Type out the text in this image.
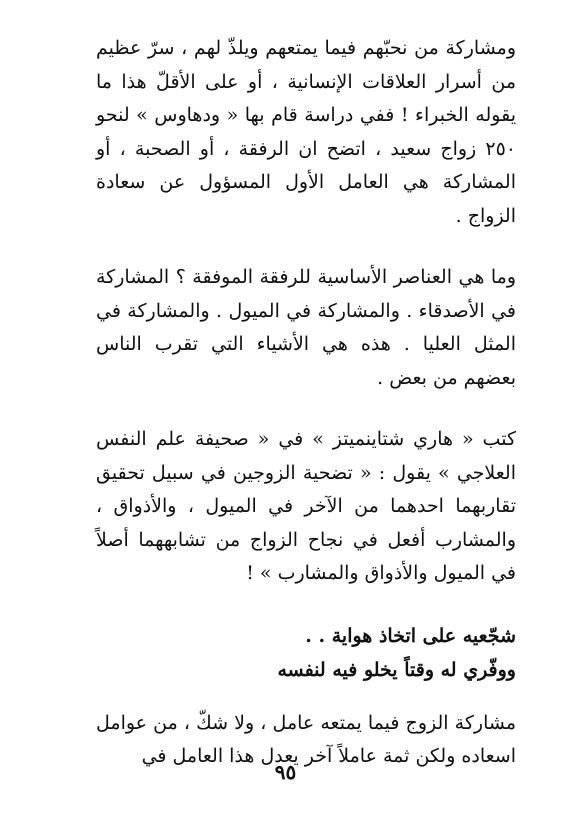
ومشاركة من نحبّهم فيما يمتعهم ويلذّ لهم ، سرّ عظيم من أسرار العلاقات الإنسانية ، أو على الأقلّ هذا ما يقوله الخبراء ! ففي دراسة قام بها « ودهاوس » لنحو ٢٥٠ زواج سعيد ، اتضح ان الرفقة ، أو الصحبة ، أو المشاركة هي العامل الأول المسؤول عن سعادة الزواج .

وما هي العناصر الأساسية للرفقة الموفقة ؟ المشاركة في الأصدقاء . والمشاركة في الميول . والمشاركة في المثل العليا . هذه هي الأشياء التي تقرب الناس بعضهم من بعض .

كتب « هاري شتاينميتز » في « صحيفة علم النفس العلاجي » يقول : « تضحية الزوجين في سبيل تحقيق تقاربهما احدهما من الآخر في الميول ، والأذواق ، والمشارب أفعل في نجاح الزواج من تشابههما أصلاً في الميول والأذواق والمشارب » !

شجّعيه على اتخاذ هواية . .
ووفّري له وقتاً يخلو فيه لنفسه

مشاركة الزوج فيما يمتعه عامل ، ولا شكّ ، من عوامل اسعاده ولكن ثمة عاملاً آخر يعدل هذا العامل في

٩٥
